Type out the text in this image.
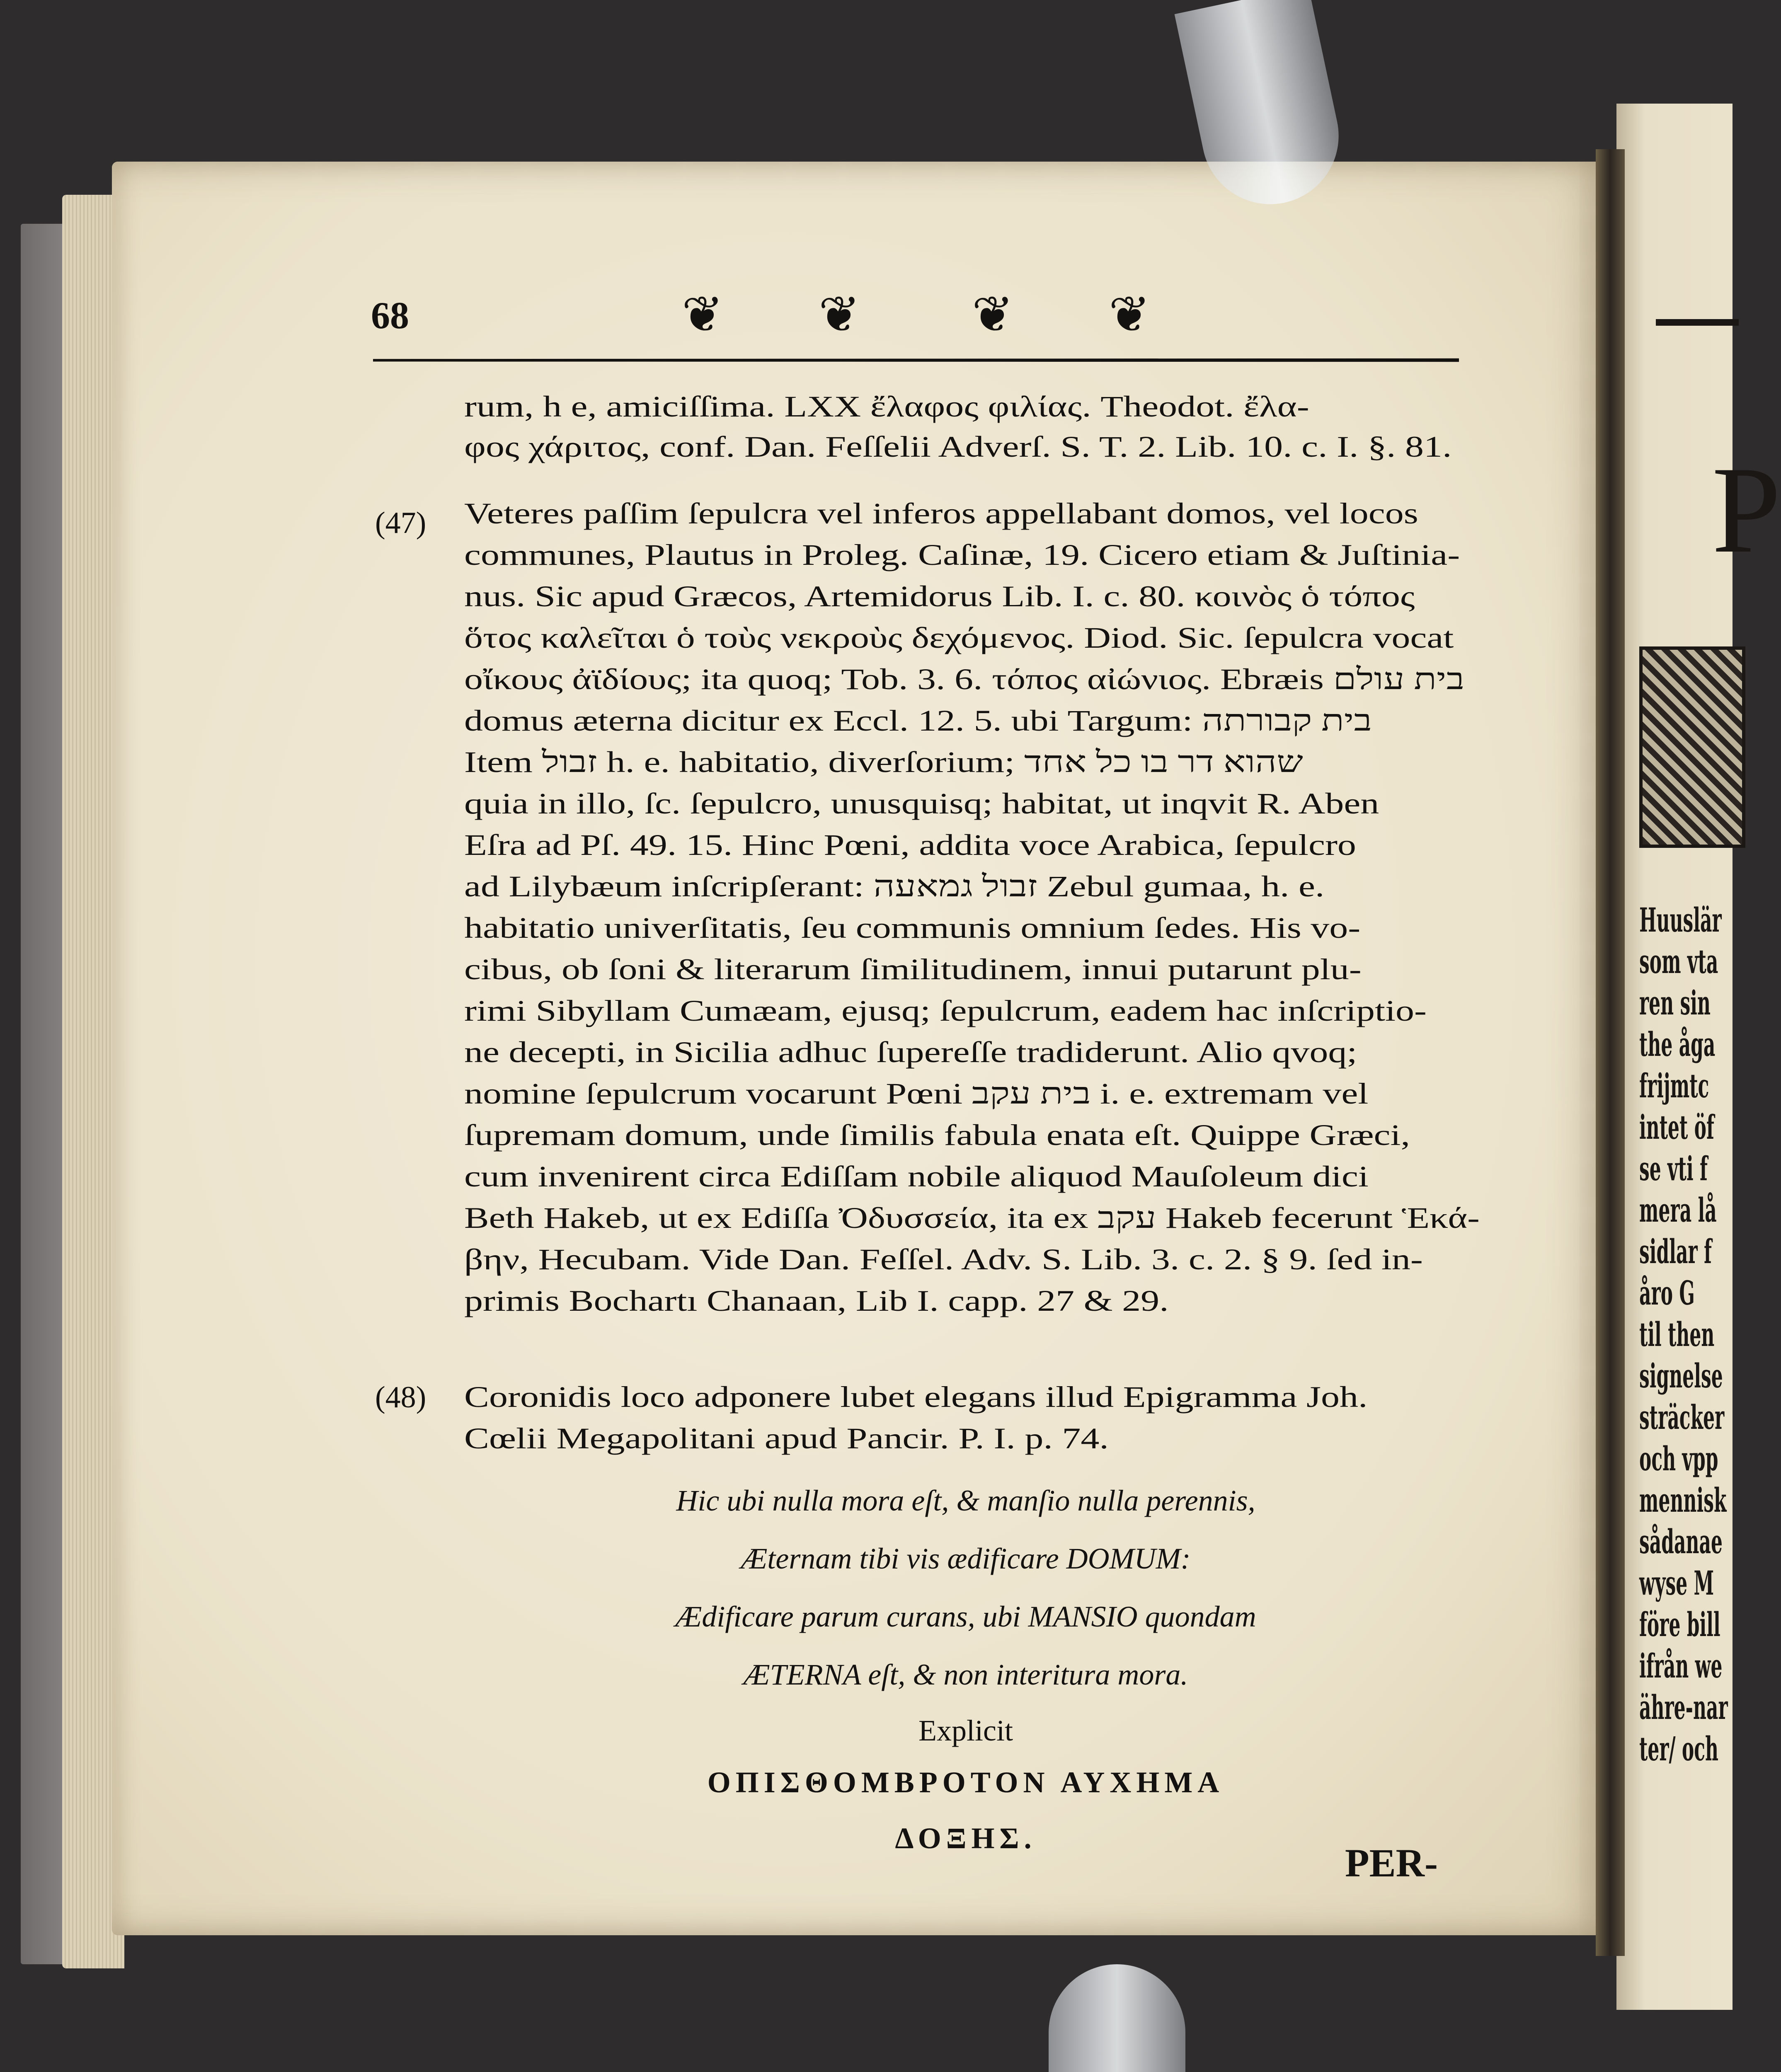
P
Huuslär
som vta
ren sin
the åga
frijmtc
intet öf
se vti f
mera lå
sidlar f
åro G
til then
signelse
sträcker
och vpp
mennisk
sådanae
wyse M
före bill
ifrån we
ähre-nar
ter/ och
68	❦ ❦ ❦ ❦
(47)
(48)
rum, h e, amiciſſima. LXX ἔλαφος φιλίας. Theodot. ἔλα-
φος χάριτος, conf. Dan. Feſſelii Adverſ. S. T. 2. Lib. 10. c. I. §. 81.
Veteres paſſim ſepulcra vel inferos appellabant domos, vel locos
communes, Plautus in Proleg. Caſinæ, 19. Cicero etiam & Juſtinia-
nus. Sic apud Græcos, Artemidorus Lib. I. c. 80. κοινὸς ὁ τόπος
ὅτος καλεῖται ὁ τοὺς νεκροὺς δεχόμενος. Diod. Sic. ſepulcra vocat
οἴκους ἀϊδίους; ita quoq; Tob. 3. 6. τόπος αἰώνιος. Ebræis בית עולם
domus æterna dicitur ex Eccl. 12. 5. ubi Targum: בית קבורתה
Item זבול h. e. habitatio, diverſorium; שהוא דר בו כל אחד
quia in illo, ſc. ſepulcro, unusquisq; habitat, ut inqvit R. Aben
Eſra ad Pſ. 49. 15. Hinc Pœni, addita voce Arabica, ſepulcro
ad Lilybæum inſcripſerant: זבול גמאעה Zebul gumaa, h. e.
habitatio univerſitatis, ſeu communis omnium ſedes. His vo-
cibus, ob ſoni & literarum ſimilitudinem, innui putarunt plu-
rimi Sibyllam Cumæam, ejusq; ſepulcrum, eadem hac inſcriptio-
ne decepti, in Sicilia adhuc ſupereſſe tradiderunt. Alio qvoq;
nomine ſepulcrum vocarunt Pœni בית עקב i. e. extremam vel
ſupremam domum, unde ſimilis fabula enata eſt. Quippe Græci,
cum invenirent circa Ediſſam nobile aliquod Mauſoleum dici
Beth Hakeb, ut ex Ediſſa Ὀδυσσεία, ita ex עקב Hakeb fecerunt Ἑκά-
βην, Hecubam. Vide Dan. Feſſel. Adv. S. Lib. 3. c. 2. § 9. ſed in-
primis Bochartı Chanaan, Lib I. capp. 27 & 29.
Coronidis loco adponere lubet elegans illud Epigramma Joh.
Cœlii Megapolitani apud Pancir. P. I. p. 74.
Hic ubi nulla mora eſt, & manſio nulla perennis,
Æternam tibi vis ædificare DOMUM:
Ædificare parum curans, ubi MANSIO quondam
ÆTERNA eſt, & non interitura mora.
Explicit
ΟΠΙΣΘΟΜΒΡΟΤΟΝ ΑΥΧΗΜΑ
ΔΟΞΗΣ.
PER-
